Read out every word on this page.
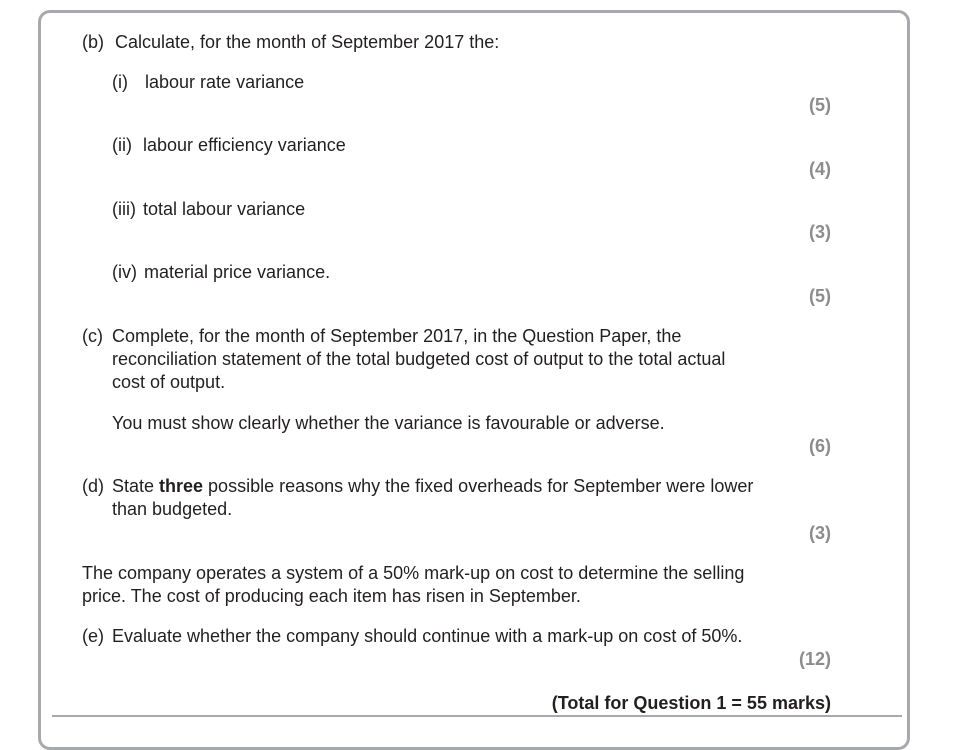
(b) Calculate, for the month of September 2017 the:
(i) labour rate variance
(5)
(ii) labour efficiency variance
(4)
(iii) total labour variance
(3)
(iv) material price variance.
(5)
(c) Complete, for the month of September 2017, in the Question Paper, the
reconciliation statement of the total budgeted cost of output to the total actual
cost of output.
You must show clearly whether the variance is favourable or adverse.
(6)
(d) State three possible reasons why the fixed overheads for September were lower
than budgeted.
(3)
The company operates a system of a 50% mark-up on cost to determine the selling
price. The cost of producing each item has risen in September.
(e) Evaluate whether the company should continue with a mark-up on cost of 50%.
(12)
(Total for Question 1 = 55 marks)
